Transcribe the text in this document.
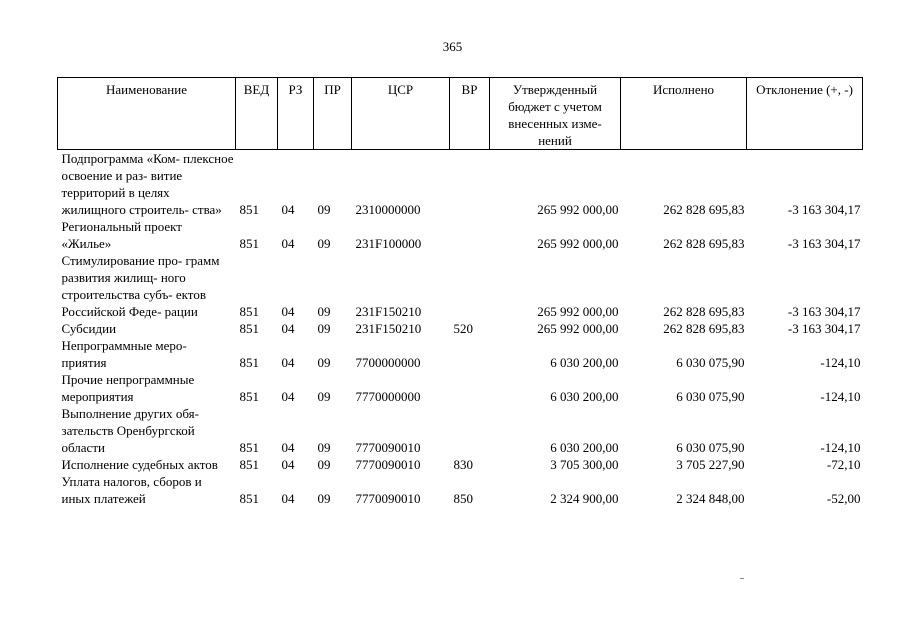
365
Наименование	ВЕД	РЗ	ПР	ЦСР	ВР	Утвержденный бюджет с учетом внесенных изме- нений	Исполнено	Отклонение (+, -)
Подпрограмма «Ком- плексное освоение и раз- витие территорий в целях жилищного строитель- ства»	851	04	09	2310000000		265 992 000,00	262 828 695,83	-3 163 304,17
Региональный проект «Жилье»	851	04	09	231F100000		265 992 000,00	262 828 695,83	-3 163 304,17
Стимулирование про- грамм развития жилищ- ного строительства субъ- ектов Российской Феде- рации	851	04	09	231F150210		265 992 000,00	262 828 695,83	-3 163 304,17
Субсидии	851	04	09	231F150210	520	265 992 000,00	262 828 695,83	-3 163 304,17
Непрограммные меро- приятия	851	04	09	7700000000		6 030 200,00	6 030 075,90	-124,10
Прочие непрограммные мероприятия	851	04	09	7770000000		6 030 200,00	6 030 075,90	-124,10
Выполнение других обя- зательств Оренбургской области	851	04	09	7770090010		6 030 200,00	6 030 075,90	-124,10
Исполнение судебных актов	851	04	09	7770090010	830	3 705 300,00	3 705 227,90	-72,10
Уплата налогов, сборов и иных платежей	851	04	09	7770090010	850	2 324 900,00	2 324 848,00	-52,00
